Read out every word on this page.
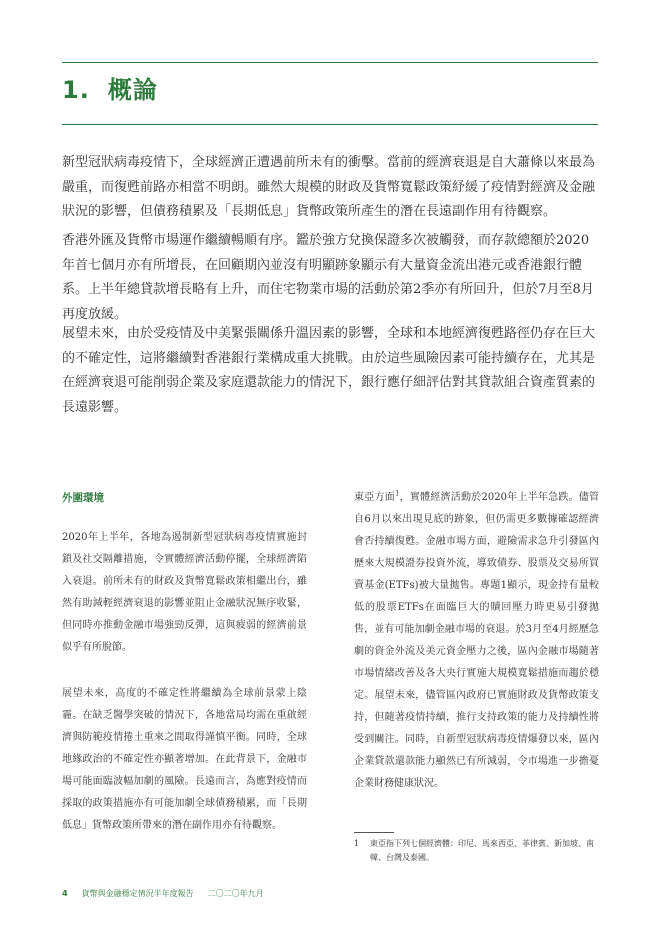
1. 概論

新型冠狀病毒疫情下，全球經濟正遭遇前所未有的衝擊。當前的經濟衰退是自大蕭條以來最為嚴重，而復甦前路亦相當不明朗。雖然大規模的財政及貨幣寬鬆政策紓緩了疫情對經濟及金融狀況的影響，但債務積累及「長期低息」貨幣政策所產生的潛在長遠副作用有待觀察。

香港外匯及貨幣市場運作繼續暢順有序。鑑於強方兌換保證多次被觸發，而存款總額於2020年首七個月亦有所增長，在回顧期內並沒有明顯跡象顯示有大量資金流出港元或香港銀行體系。上半年總貸款增長略有上升，而住宅物業市場的活動於第2季亦有所回升，但於7月至8月再度放緩。

展望未來，由於受疫情及中美緊張關係升溫因素的影響，全球和本地經濟復甦路徑仍存在巨大的不確定性，這將繼續對香港銀行業構成重大挑戰。由於這些風險因素可能持續存在，尤其是在經濟衰退可能削弱企業及家庭還款能力的情況下，銀行應仔細評估對其貸款組合資產質素的長遠影響。

外圍環境

2020年上半年，各地為遏制新型冠狀病毒疫情實施封鎖及社交隔離措施，令實體經濟活動停擺，全球經濟陷入衰退。前所未有的財政及貨幣寬鬆政策相繼出台，雖然有助減輕經濟衰退的影響並阻止金融狀況無序收緊，但同時亦推動金融市場強勁反彈，這與疲弱的經濟前景似乎有所脫節。

展望未來，高度的不確定性將繼續為全球前景蒙上陰霾。在缺乏醫學突破的情況下，各地當局均需在重啟經濟與防範疫情捲土重來之間取得謹慎平衡。同時，全球地緣政治的不確定性亦顯著增加。在此背景下，金融市場可能面臨波幅加劇的風險。長遠而言，為應對疫情而採取的政策措施亦有可能加劇全球債務積累，而「長期低息」貨幣政策所帶來的潛在副作用亦有待觀察。

東亞方面$^1$，實體經濟活動於2020年上半年急跌。儘管自6月以來出現見底的跡象，但仍需更多數據確認經濟會否持續復甦。金融市場方面，避險需求急升引發區內歷來大規模證券投資外流，導致債券、股票及交易所買賣基金(ETFs)被大量拋售。專題1顯示，現金持有量較低的股票ETFs在面臨巨大的贖回壓力時更易引發拋售，並有可能加劇金融市場的衰退。於3月至4月經歷急劇的資金外流及美元資金壓力之後，區內金融市場隨著市場情緒改善及各大央行實施大規模寬鬆措施而趨於穩定。展望未來，儘管區內政府已實施財政及貨幣政策支持，但隨著疫情持續，推行支持政策的能力及持續性將受到關注。同時，自新型冠狀病毒疫情爆發以來，區內企業貸款還款能力顯然已有所減弱，令市場進一步擔憂企業財務健康狀況。

1	東亞指下列七個經濟體：印尼、馬來西亞、菲律賓、新加坡、南韓、台灣及泰國。
4 貨幣與金融穩定情況半年度報告 二〇二〇年九月
